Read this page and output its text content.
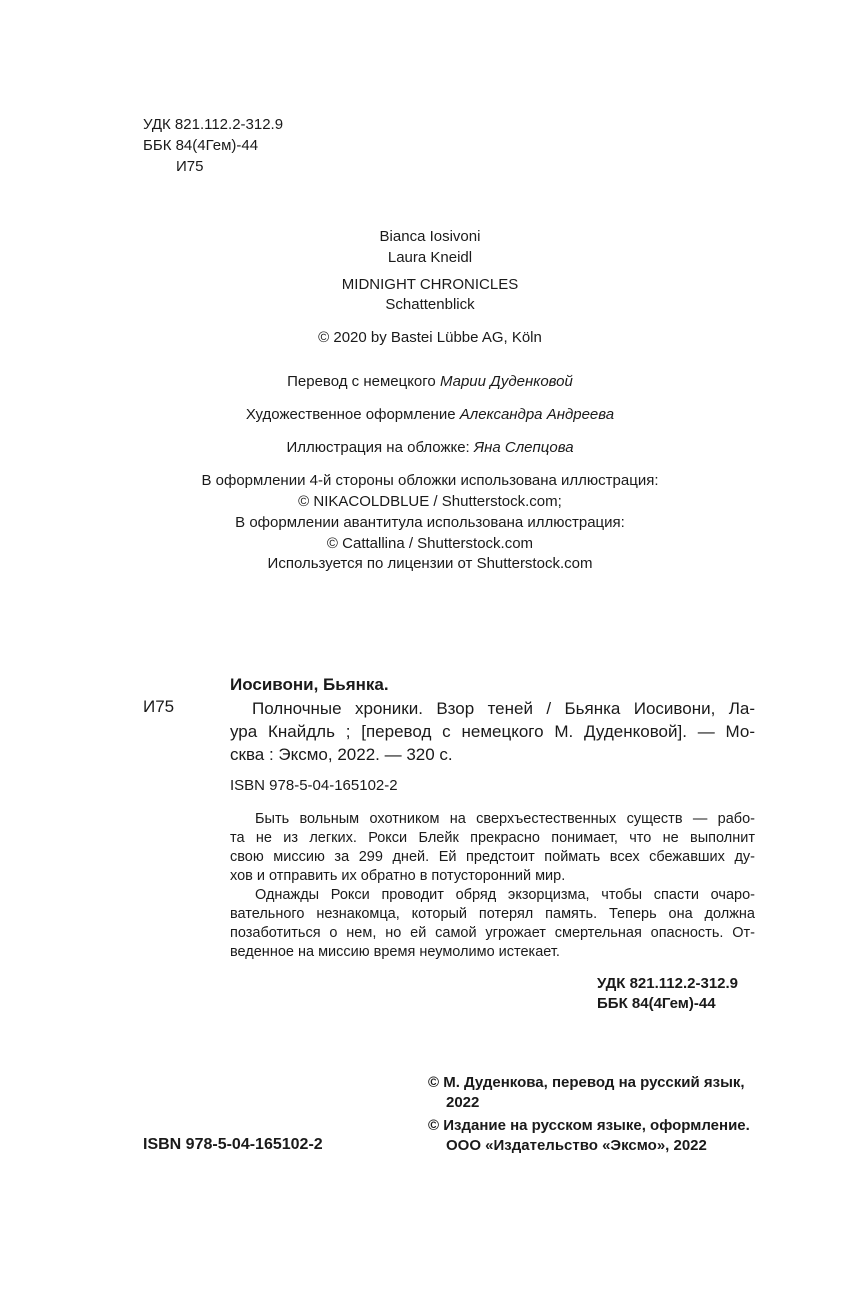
УДК 821.112.2-312.9
ББК 84(4Гем)-44
И75
Bianca Iosivoni
Laura Kneidl
MIDNIGHT CHRONICLES
Schattenblick
© 2020 by Bastei Lübbe AG, Köln
Перевод с немецкого Марии Дуденковой
Художественное оформление Александра Андреева
Иллюстрация на обложке: Яна Слепцова
В оформлении 4-й стороны обложки использована иллюстрация:
© NIKACOLDBLUE / Shutterstock.com;
В оформлении авантитула использована иллюстрация:
© Cattallina / Shutterstock.com
Используется по лицензии от Shutterstock.com
Иосивони, Бьянка.
И75	Полночные хроники. Взор теней / Бьянка Иосивони, Ла-
ура Кнайдль ; [перевод с немецкого М. Дуденковой]. — Мо-
сква : Эксмо, 2022. — 320 с.
ISBN 978-5-04-165102-2
Быть вольным охотником на сверхъестественных существ — рабо-
та не из легких. Рокси Блейк прекрасно понимает, что не выполнит
свою миссию за 299 дней. Ей предстоит поймать всех сбежавших ду-
хов и отправить их обратно в потусторонний мир.
Однажды Рокси проводит обряд экзорцизма, чтобы спасти очаро-
вательного незнакомца, который потерял память. Теперь она должна
позаботиться о нем, но ей самой угрожает смертельная опасность. От-
веденное на миссию время неумолимо истекает.
УДК 821.112.2-312.9
ББК 84(4Гем)-44
© М. Дуденкова, перевод на русский язык,
2022
© Издание на русском языке, оформление.
ООО «Издательство «Эксмо», 2022
ISBN 978-5-04-165102-2
